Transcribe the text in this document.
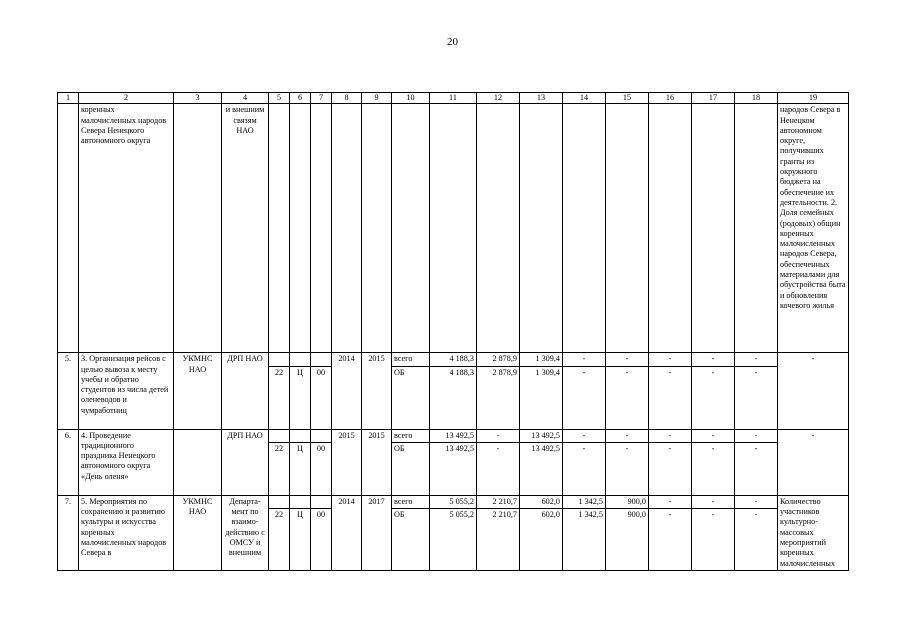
20
1	2	3	4	5	6	7	8	9	10	11	12	13	14	15	16	17	18	19
	коренных малочисленных народов Севера Ненецкого автономного округа		и внешним связям НАО															народов Севера в Ненецком автономном округе, получивших гранты из окружного бюджета на обеспечение их деятельности. 2. Доля семейных (родовых) общин коренных малочисленных народов Севера, обеспеченных материалами для обустройства быта и обновления кочевого жилья
5.	3. Организация рейсов с целью вывоза к месту учебы и обратно студентов из числа детей оленеводов и чумработниц	УКМНС НАО	ДРП НАО				2014	2015	всего	4 188,3	2 878,9	1 309,4	-	-	-	-	-	-
				22	Ц	00			ОБ	4 188,3	2 878,9	1 309,4	-	-	-	-	-	
6.	4. Проведение традиционного праздника Ненецкого автономного округа «День оленя»		ДРП НАО				2015	2015	всего	13 492,5	-	13 492,5	-	-	-	-	-	-
				22	Ц	00			ОБ	13 492,5	-	13 492,5	-	-	-	-	-	
7.	5. Мероприятия по сохранению и развитию культуры и искусства коренных малочисленных народов Севера в	УКМНС НАО	Департа-мент по взаимо-действию с ОМСУ и внешним				2014	2017	всего	5 055,2	2 210,7	602,0	1 342,5	900,0	-	-	-	Количество участников культурно-массовых мероприятий коренных малочисленных
				22	Ц	00			ОБ	5 055,2	2 210,7	602,0	1 342,5	900,0	-	-	-	
